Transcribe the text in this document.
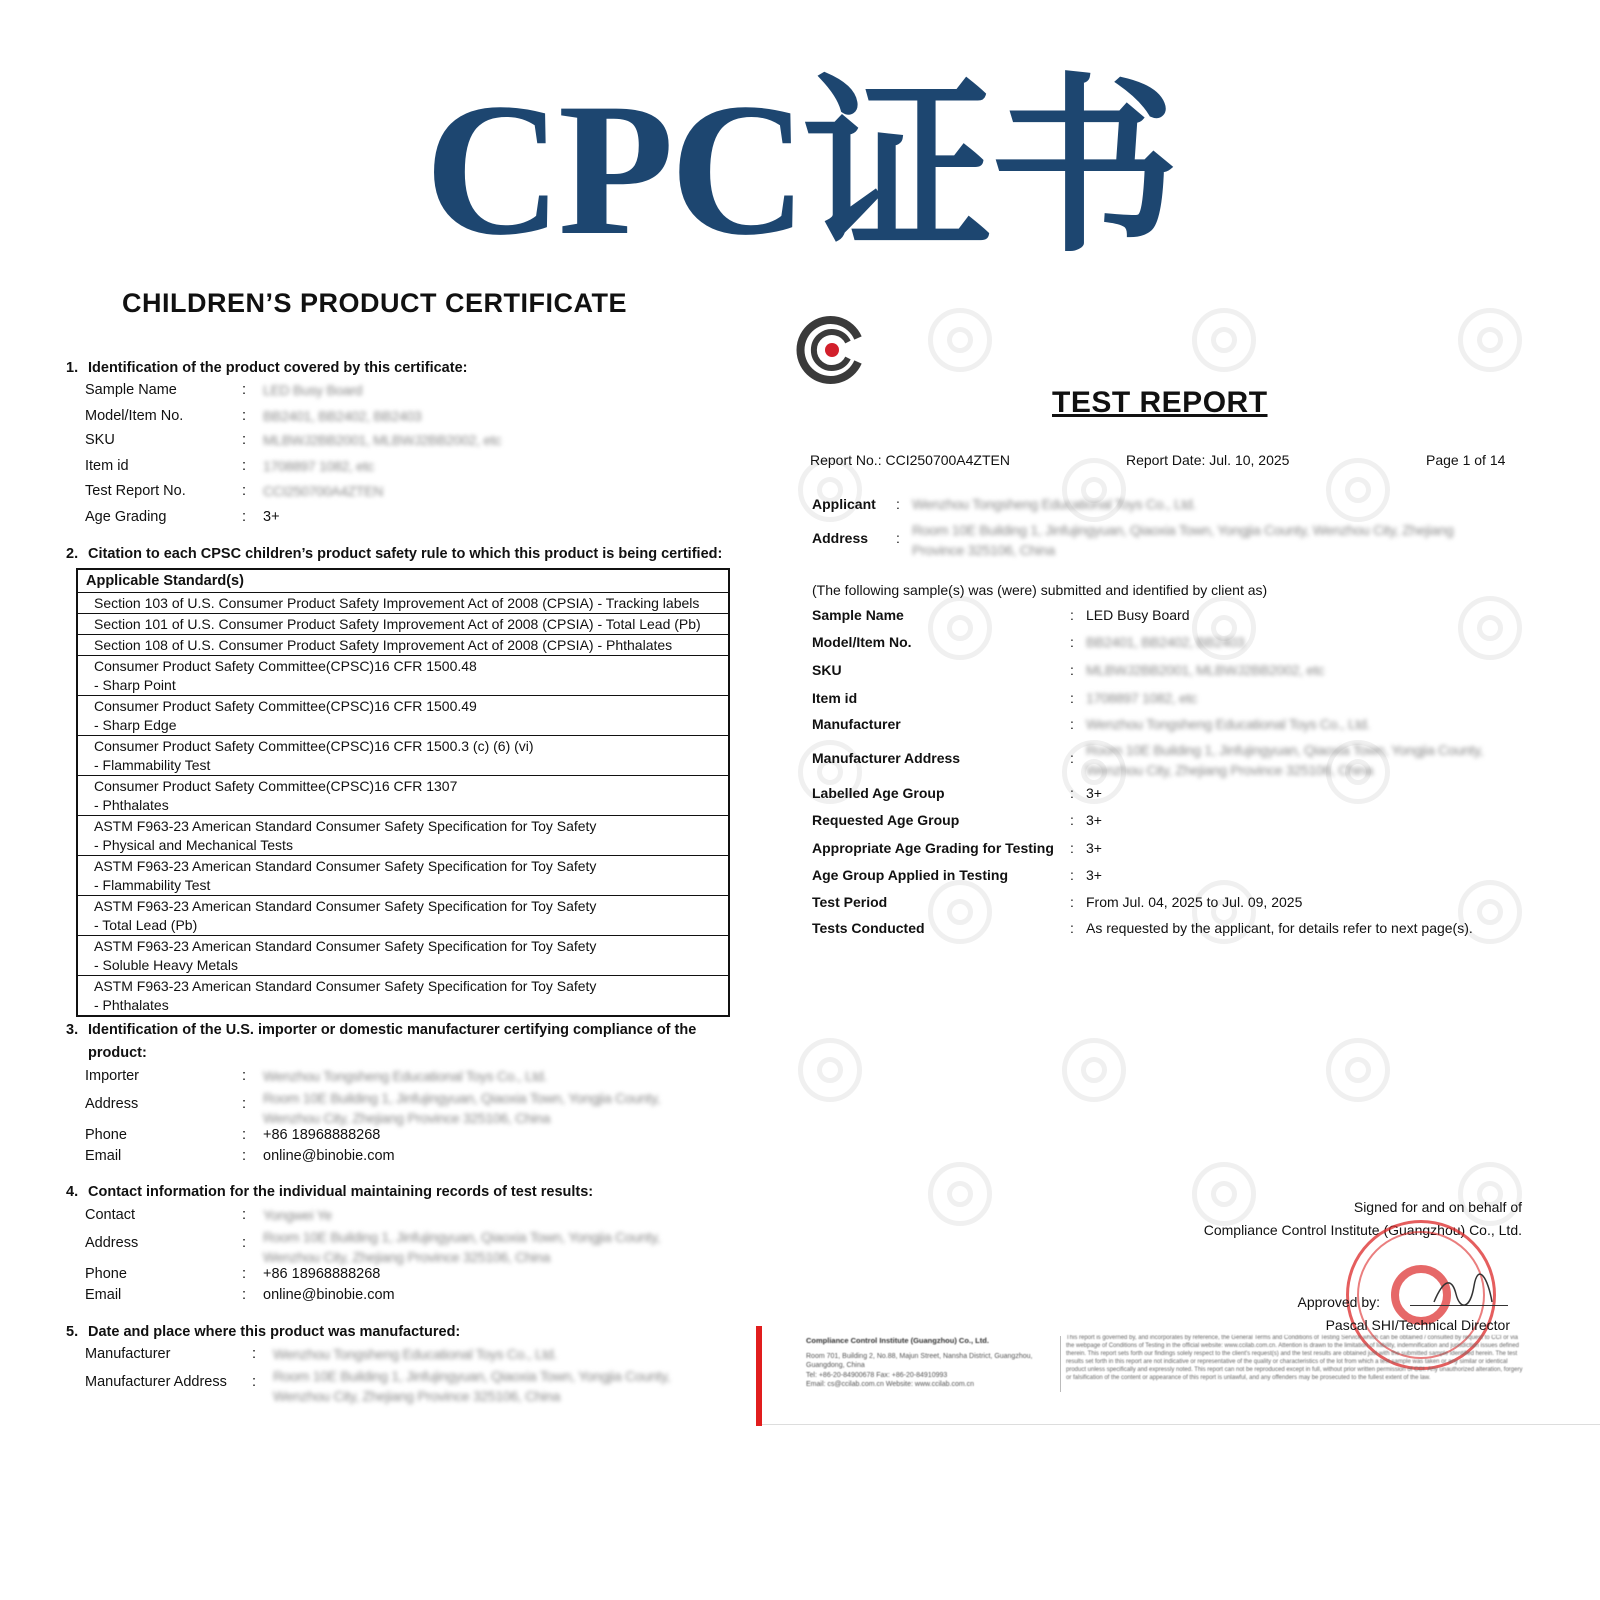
CPC证书
CHILDREN’S PRODUCT CERTIFICATE
1. Identification of the product covered by this certificate:
Sample Name	: LED Busy Board
Model/Item No.	: BB2401, BB2402, BB2403
SKU	: MLBWJ2BB2001, MLBWJ2BB2002, etc
Item id	: 1708897 1082, etc
Test Report No.	: CCI250700A4ZTEN
Age Grading	: 3+
2. Citation to each CPSC children’s product safety rule to which this product is being certified:
Applicable Standard(s)
Section 103 of U.S. Consumer Product Safety Improvement Act of 2008 (CPSIA) - Tracking labels
Section 101 of U.S. Consumer Product Safety Improvement Act of 2008 (CPSIA) - Total Lead (Pb)
Section 108 of U.S. Consumer Product Safety Improvement Act of 2008 (CPSIA) - Phthalates
Consumer Product Safety Committee(CPSC)16 CFR 1500.48
- Sharp Point
Consumer Product Safety Committee(CPSC)16 CFR 1500.49
- Sharp Edge
Consumer Product Safety Committee(CPSC)16 CFR 1500.3 (c) (6) (vi)
- Flammability Test
Consumer Product Safety Committee(CPSC)16 CFR 1307
- Phthalates
ASTM F963-23 American Standard Consumer Safety Specification for Toy Safety
- Physical and Mechanical Tests
ASTM F963-23 American Standard Consumer Safety Specification for Toy Safety
- Flammability Test
ASTM F963-23 American Standard Consumer Safety Specification for Toy Safety
- Total Lead (Pb)
ASTM F963-23 American Standard Consumer Safety Specification for Toy Safety
- Soluble Heavy Metals
ASTM F963-23 American Standard Consumer Safety Specification for Toy Safety
- Phthalates
3. Identification of the U.S. importer or domestic manufacturer certifying compliance of the
product:
Importer	: Wenzhou Tongsheng Educational Toys Co., Ltd.
Address	: Room 10E Building 1, Jinfujingyuan, Qiaoxia Town, Yongjia County, Wenzhou City, Zhejiang Province 325106, China
Phone	: +86 18968888268
Email	: online@binobie.com
4. Contact information for the individual maintaining records of test results:
Contact	: Yongwei Ye
Address	: Room 10E Building 1, Jinfujingyuan, Qiaoxia Town, Yongjia County, Wenzhou City, Zhejiang Province 325106, China
Phone	: +86 18968888268
Email	: online@binobie.com
5. Date and place where this product was manufactured:
Manufacturer	: Wenzhou Tongsheng Educational Toys Co., Ltd.
Manufacturer Address : Room 10E Building 1, Jinfujingyuan, Qiaoxia Town, Yongjia County, Wenzhou City, Zhejiang Province 325106, China
TEST REPORT
Report No.: CCI250700A4ZTEN	Report Date: Jul. 10, 2025	Page 1 of 14
Applicant : Wenzhou Tongsheng Educational Toys Co., Ltd.
Address : Room 10E Building 1, Jinfujingyuan, Qiaoxia Town, Yongjia County, Wenzhou City, Zhejiang Province 325106, China
(The following sample(s) was (were) submitted and identified by client as)
Sample Name	: LED Busy Board
Model/Item No.	: BB2401, BB2402, BB2403
SKU	: MLBWJ2BB2001, MLBWJ2BB2002, etc
Item id	: 1708897 1082, etc
Manufacturer	: Wenzhou Tongsheng Educational Toys Co., Ltd.
Manufacturer Address	: Room 10E Building 1, Jinfujingyuan, Qiaoxia Town, Yongjia County, Wenzhou City, Zhejiang Province 325106, China
Labelled Age Group	: 3+
Requested Age Group	: 3+
Appropriate Age Grading for Testing : 3+
Age Group Applied in Testing	: 3+
Test Period	: From Jul. 04, 2025 to Jul. 09, 2025
Tests Conducted	: As requested by the applicant, for details refer to next page(s).
Signed for and on behalf of
Compliance Control Institute (Guangzhou) Co., Ltd.
Approved by:
Pascal SHI/Technical Director
Compliance Control Institute (Guangzhou) Co., Ltd.
Room 701, Building 2, No.88, Majun Street, Nansha District, Guangzhou, Guangdong, China
Tel: +86-20-84900678 Fax: +86-20-84910993
Email: cs@ccilab.com.cn Website: www.ccilab.com.cn
This report is governed by, and incorporates by reference, the General Terms and Conditions of Testing Service which can be obtained / consulted by request to CCI or via the webpage of Conditions of Testing in the official website: www.ccilab.com.cn. Attention is drawn to the limitation of liability, indemnification and jurisdiction issues defined therein. This report sets forth our findings solely respect to the client's request(s) and the test results are obtained just with the submitted sample identified herein. The test results set forth in this report are not indicative or representative of the quality or characteristics of the lot from which a test sample was taken or any similar or identical product unless specifically and expressly noted. This report can not be reproduced except in full, without prior written permission of CCI. Any unauthorized alteration, forgery or falsification of the content or appearance of this report is unlawful, and any offenders may be prosecuted to the fullest extent of the law.
